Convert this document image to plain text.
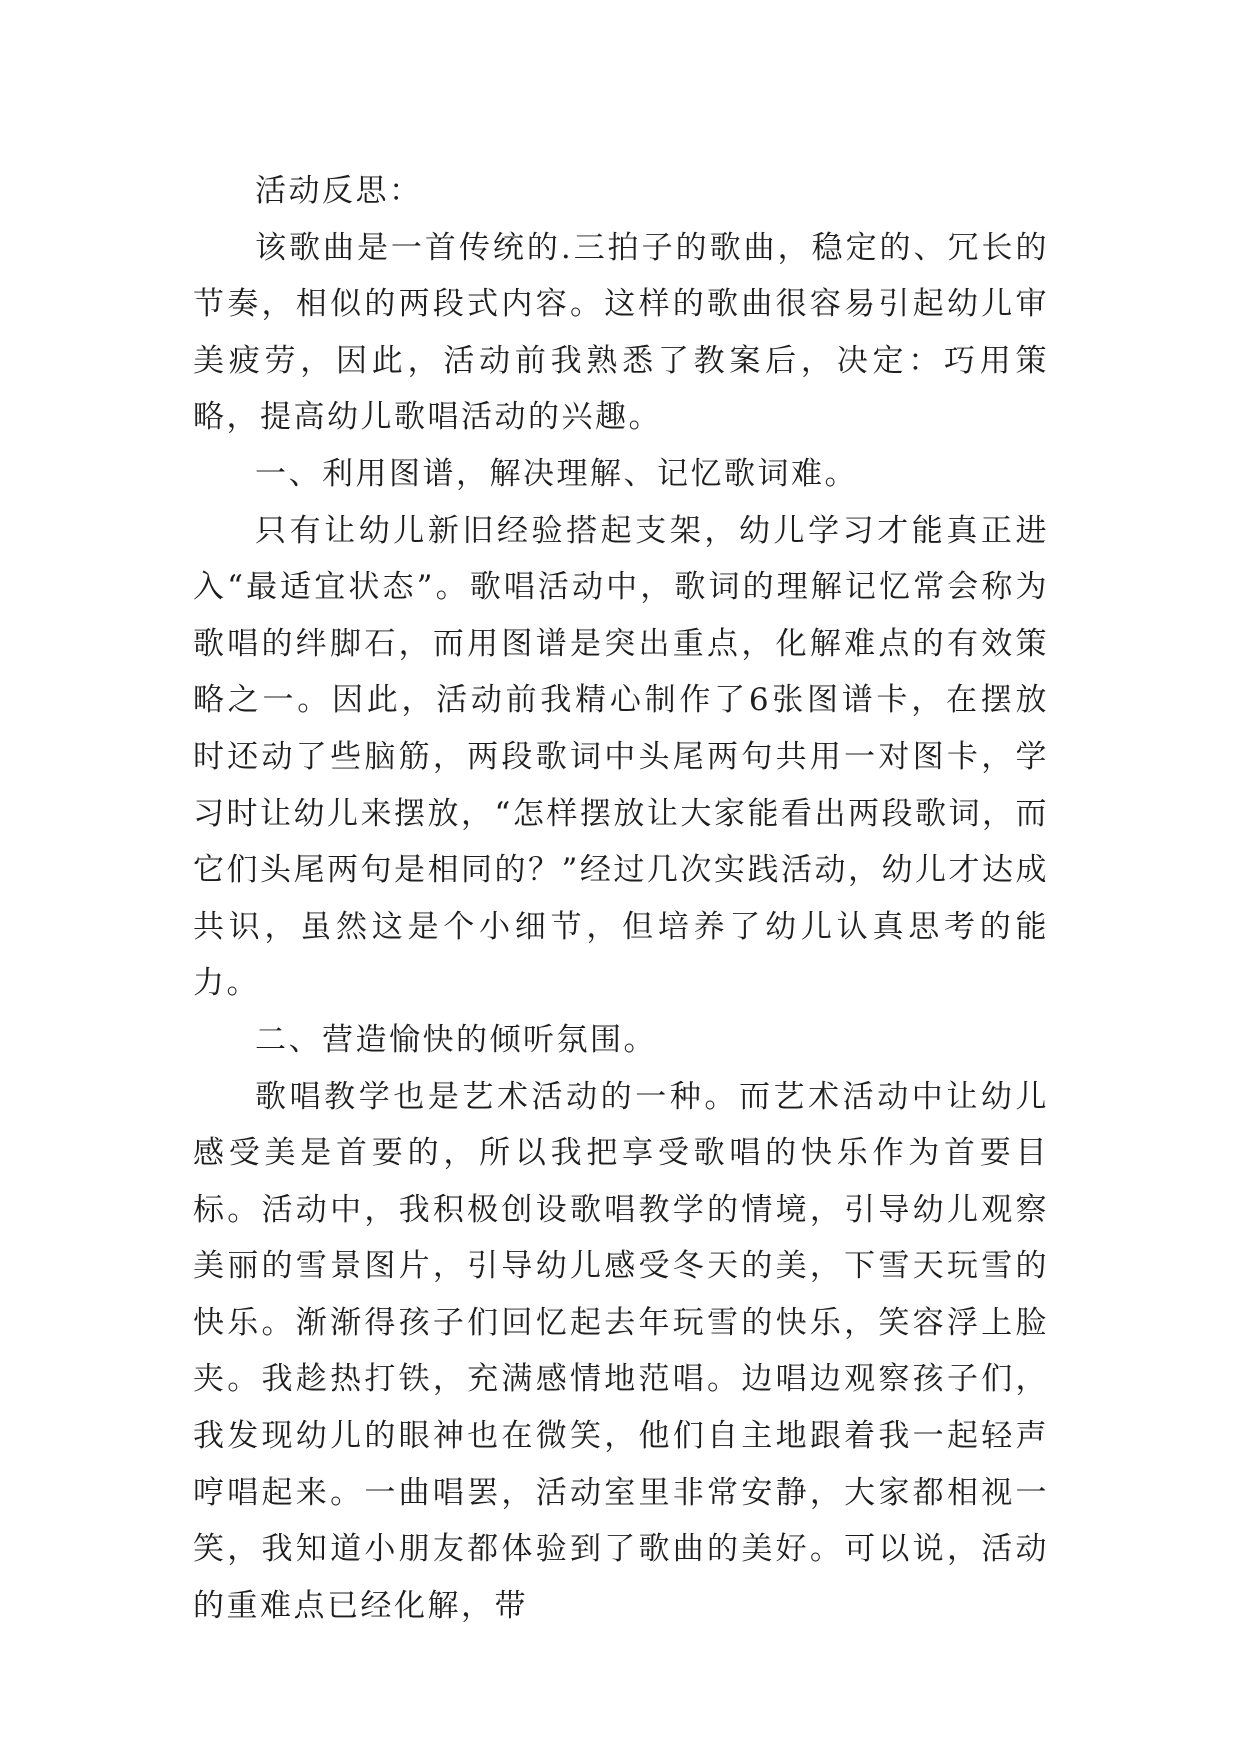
活动反思：

该歌曲是一首传统的.三拍子的歌曲，稳定的、冗长的节奏，相似的两段式内容。这样的歌曲很容易引起幼儿审美疲劳，因此，活动前我熟悉了教案后，决定：巧用策略，提高幼儿歌唱活动的兴趣。

一、利用图谱，解决理解、记忆歌词难。

只有让幼儿新旧经验搭起支架，幼儿学习才能真正进入“最适宜状态”。歌唱活动中，歌词的理解记忆常会称为歌唱的绊脚石，而用图谱是突出重点，化解难点的有效策略之一。因此，活动前我精心制作了6张图谱卡，在摆放时还动了些脑筋，两段歌词中头尾两句共用一对图卡，学习时让幼儿来摆放，“怎样摆放让大家能看出两段歌词，而它们头尾两句是相同的？”经过几次实践活动，幼儿才达成共识，虽然这是个小细节，但培养了幼儿认真思考的能力。

二、营造愉快的倾听氛围。

歌唱教学也是艺术活动的一种。而艺术活动中让幼儿感受美是首要的，所以我把享受歌唱的快乐作为首要目标。活动中，我积极创设歌唱教学的情境，引导幼儿观察美丽的雪景图片，引导幼儿感受冬天的美，下雪天玩雪的快乐。渐渐得孩子们回忆起去年玩雪的快乐，笑容浮上脸夹。我趁热打铁，充满感情地范唱。边唱边观察孩子们，我发现幼儿的眼神也在微笑，他们自主地跟着我一起轻声哼唱起来。一曲唱罢，活动室里非常安静，大家都相视一笑，我知道小朋友都体验到了歌曲的美好。可以说，活动的重难点已经化解，带
